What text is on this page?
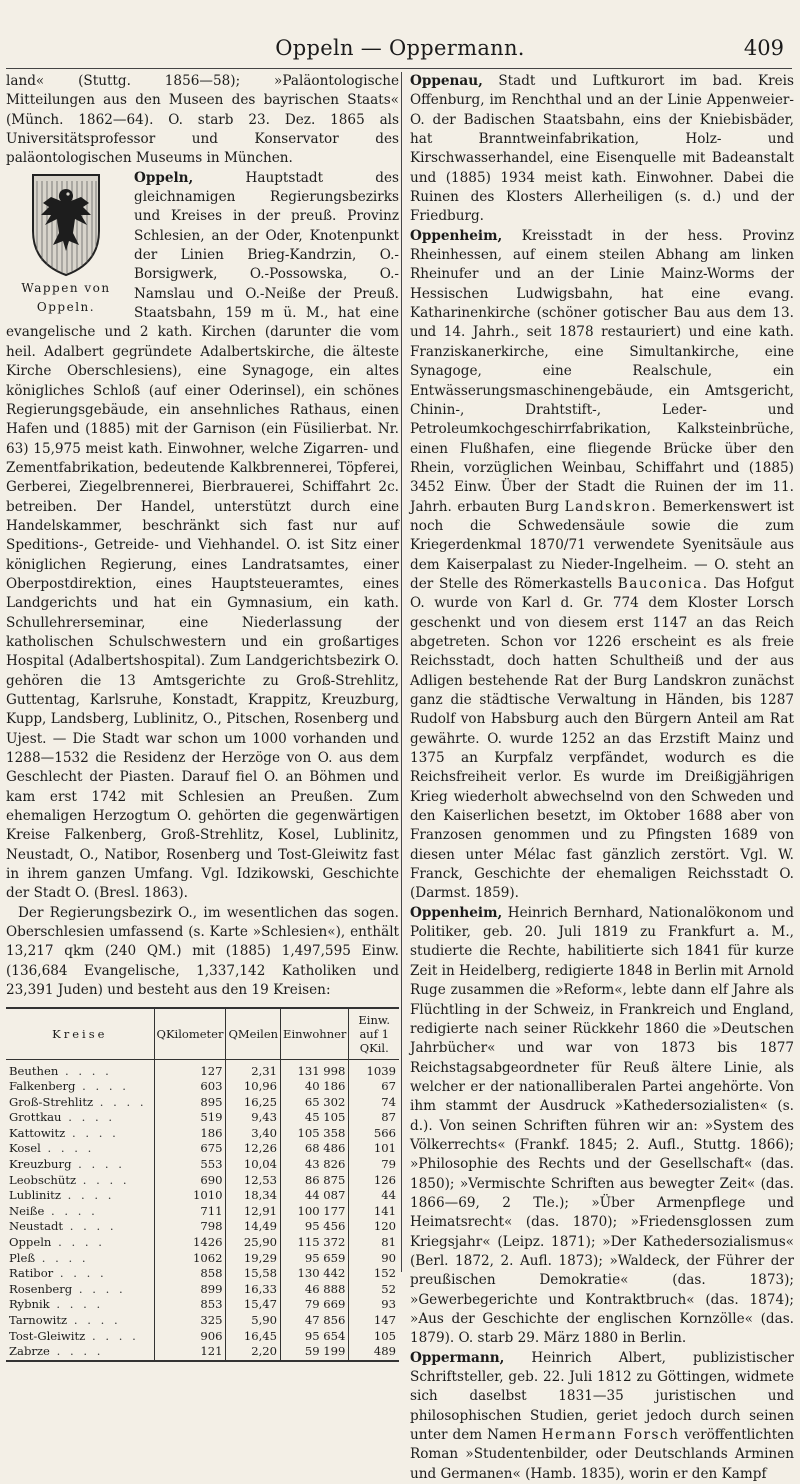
Oppeln — Oppermann.	409

land« (Stuttg. 1856—58); »Paläontologische Mitteilungen aus den Museen des bayrischen Staats« (Münch. 1862—64). O. starb 23. Dez. 1865 als Universitätsprofessor und Konservator des paläontologischen Museums in München.

Oppeln,
Wappen von Oppeln.
Hauptstadt des gleichnamigen Regierungsbezirks und Kreises in der preuß. Provinz Schlesien, an der Oder, Knotenpunkt der Linien Brieg-Kandrzin, O.-Borsigwerk, O.-Possowska, O.-Namslau und O.-Neiße der Preuß. Staatsbahn, 159 m ü. M., hat eine evangelische und 2 kath. Kirchen (darunter die vom heil. Adalbert gegründete Adalbertskirche, die älteste Kirche Oberschlesiens), eine Synagoge, ein altes königliches Schloß (auf einer Oderinsel), ein schönes Regierungsgebäude, ein ansehnliches Rathaus, einen Hafen und (1885) mit der Garnison (ein Füsilierbat. Nr. 63) 15,975 meist kath. Einwohner, welche Zigarren- und Zementfabrikation, bedeutende Kalkbrennerei, Töpferei, Gerberei, Ziegelbrennerei, Bierbrauerei, Schiffahrt 2c. betreiben. Der Handel, unterstützt durch eine Handelskammer, beschränkt sich fast nur auf Speditions-, Getreide- und Viehhandel. O. ist Sitz einer königlichen Regierung, eines Landratsamtes, einer Oberpostdirektion, eines Hauptsteueramtes, eines Landgerichts und hat ein Gymnasium, ein kath. Schullehrerseminar, eine Niederlassung der katholischen Schulschwestern und ein großartiges Hospital (Adalbertshospital). Zum Landgerichtsbezirk O. gehören die 13 Amtsgerichte zu Groß-Strehlitz, Guttentag, Karlsruhe, Konstadt, Krappitz, Kreuzburg, Kupp, Landsberg, Lublinitz, O., Pitschen, Rosenberg und Ujest. — Die Stadt war schon um 1000 vorhanden und 1288—1532 die Residenz der Herzöge von O. aus dem Geschlecht der Piasten. Darauf fiel O. an Böhmen und kam erst 1742 mit Schlesien an Preußen. Zum ehemaligen Herzogtum O. gehörten die gegenwärtigen Kreise Falkenberg, Groß-Strehlitz, Kosel, Lublinitz, Neustadt, O., Natibor, Rosenberg und Tost-Gleiwitz fast in ihrem ganzen Umfang. Vgl. Idzikowski, Geschichte der Stadt O. (Bresl. 1863).

Der Regierungsbezirk O., im wesentlichen das sogen. Oberschlesien umfassend (s. Karte »Schlesien«), enthält 13,217 qkm (240 QM.) mit (1885) 1,497,595 Einw. (136,684 Evangelische, 1,337,142 Katholiken und 23,391 Juden) und besteht aus den 19 Kreisen:

Kreise	QKilometer	QMeilen	Einwohner	Einw. auf 1 QKil.
Beuthen . . . .	127	2,31	131 998	1039
Falkenberg . . . .	603	10,96	40 186	67
Groß-Strehlitz . . . .	895	16,25	65 302	74
Grottkau . . . .	519	9,43	45 105	87
Kattowitz . . . .	186	3,40	105 358	566
Kosel . . . .	675	12,26	68 486	101
Kreuzburg . . . .	553	10,04	43 826	79
Leobschütz . . . .	690	12,53	86 875	126
Lublinitz . . . .	1010	18,34	44 087	44
Neiße . . . .	711	12,91	100 177	141
Neustadt . . . .	798	14,49	95 456	120
Oppeln . . . .	1426	25,90	115 372	81
Pleß . . . .	1062	19,29	95 659	90
Ratibor . . . .	858	15,58	130 442	152
Rosenberg . . . .	899	16,33	46 888	52
Rybnik . . . .	853	15,47	79 669	93
Tarnowitz . . . .	325	5,90	47 856	147
Tost-Gleiwitz . . . .	906	16,45	95 654	105
Zabrze . . . .	121	2,20	59 199	489

Oppenau, Stadt und Luftkurort im bad. Kreis Offenburg, im Renchthal und an der Linie Appenweier-O. der Badischen Staatsbahn, eins der Kniebisbäder, hat Branntweinfabrikation, Holz- und Kirschwasserhandel, eine Eisenquelle mit Badeanstalt und (1885) 1934 meist kath. Einwohner. Dabei die Ruinen des Klosters Allerheiligen (s. d.) und der Friedburg.

Oppenheim, Kreisstadt in der hess. Provinz Rheinhessen, auf einem steilen Abhang am linken Rheinufer und an der Linie Mainz-Worms der Hessischen Ludwigsbahn, hat eine evang. Katharinenkirche (schöner gotischer Bau aus dem 13. und 14. Jahrh., seit 1878 restauriert) und eine kath. Franziskanerkirche, eine Simultankirche, eine Synagoge, eine Realschule, ein Entwässerungsmaschinengebäude, ein Amtsgericht, Chinin-, Drahtstift-, Leder- und Petroleumkochgeschirrfabrikation, Kalksteinbrüche, einen Flußhafen, eine fliegende Brücke über den Rhein, vorzüglichen Weinbau, Schiffahrt und (1885) 3452 Einw. Über der Stadt die Ruinen der im 11. Jahrh. erbauten Burg Landskron. Bemerkenswert ist noch die Schwedensäule sowie die zum Kriegerdenkmal 1870/71 verwendete Syenitsäule aus dem Kaiserpalast zu Nieder-Ingelheim. — O. steht an der Stelle des Römerkastells Bauconica. Das Hofgut O. wurde von Karl d. Gr. 774 dem Kloster Lorsch geschenkt und von diesem erst 1147 an das Reich abgetreten. Schon vor 1226 erscheint es als freie Reichsstadt, doch hatten Schultheiß und der aus Adligen bestehende Rat der Burg Landskron zunächst ganz die städtische Verwaltung in Händen, bis 1287 Rudolf von Habsburg auch den Bürgern Anteil am Rat gewährte. O. wurde 1252 an das Erzstift Mainz und 1375 an Kurpfalz verpfändet, wodurch es die Reichsfreiheit verlor. Es wurde im Dreißigjährigen Krieg wiederholt abwechselnd von den Schweden und den Kaiserlichen besetzt, im Oktober 1688 aber von Franzosen genommen und zu Pfingsten 1689 von diesen unter Mélac fast gänzlich zerstört. Vgl. W. Franck, Geschichte der ehemaligen Reichsstadt O. (Darmst. 1859).

Oppenheim, Heinrich Bernhard, Nationalökonom und Politiker, geb. 20. Juli 1819 zu Frankfurt a. M., studierte die Rechte, habilitierte sich 1841 für kurze Zeit in Heidelberg, redigierte 1848 in Berlin mit Arnold Ruge zusammen die »Reform«, lebte dann elf Jahre als Flüchtling in der Schweiz, in Frankreich und England, redigierte nach seiner Rückkehr 1860 die »Deutschen Jahrbücher« und war von 1873 bis 1877 Reichstagsabgeordneter für Reuß ältere Linie, als welcher er der nationalliberalen Partei angehörte. Von ihm stammt der Ausdruck »Kathedersozialisten« (s. d.). Von seinen Schriften führen wir an: »System des Völkerrechts« (Frankf. 1845; 2. Aufl., Stuttg. 1866); »Philosophie des Rechts und der Gesellschaft« (das. 1850); »Vermischte Schriften aus bewegter Zeit« (das. 1866—69, 2 Tle.); »Über Armenpflege und Heimatsrecht« (das. 1870); »Friedensglossen zum Kriegsjahr« (Leipz. 1871); »Der Kathedersozialismus« (Berl. 1872, 2. Aufl. 1873); »Waldeck, der Führer der preußischen Demokratie« (das. 1873); »Gewerbegerichte und Kontraktbruch« (das. 1874); »Aus der Geschichte der englischen Kornzölle« (das. 1879). O. starb 29. März 1880 in Berlin.

Oppermann, Heinrich Albert, publizistischer Schriftsteller, geb. 22. Juli 1812 zu Göttingen, widmete sich daselbst 1831—35 juristischen und philosophischen Studien, geriet jedoch durch seinen unter dem Namen Hermann Forsch veröffentlichten Roman »Studentenbilder, oder Deutschlands Arminen und Germanen« (Hamb. 1835), worin er den Kampf
